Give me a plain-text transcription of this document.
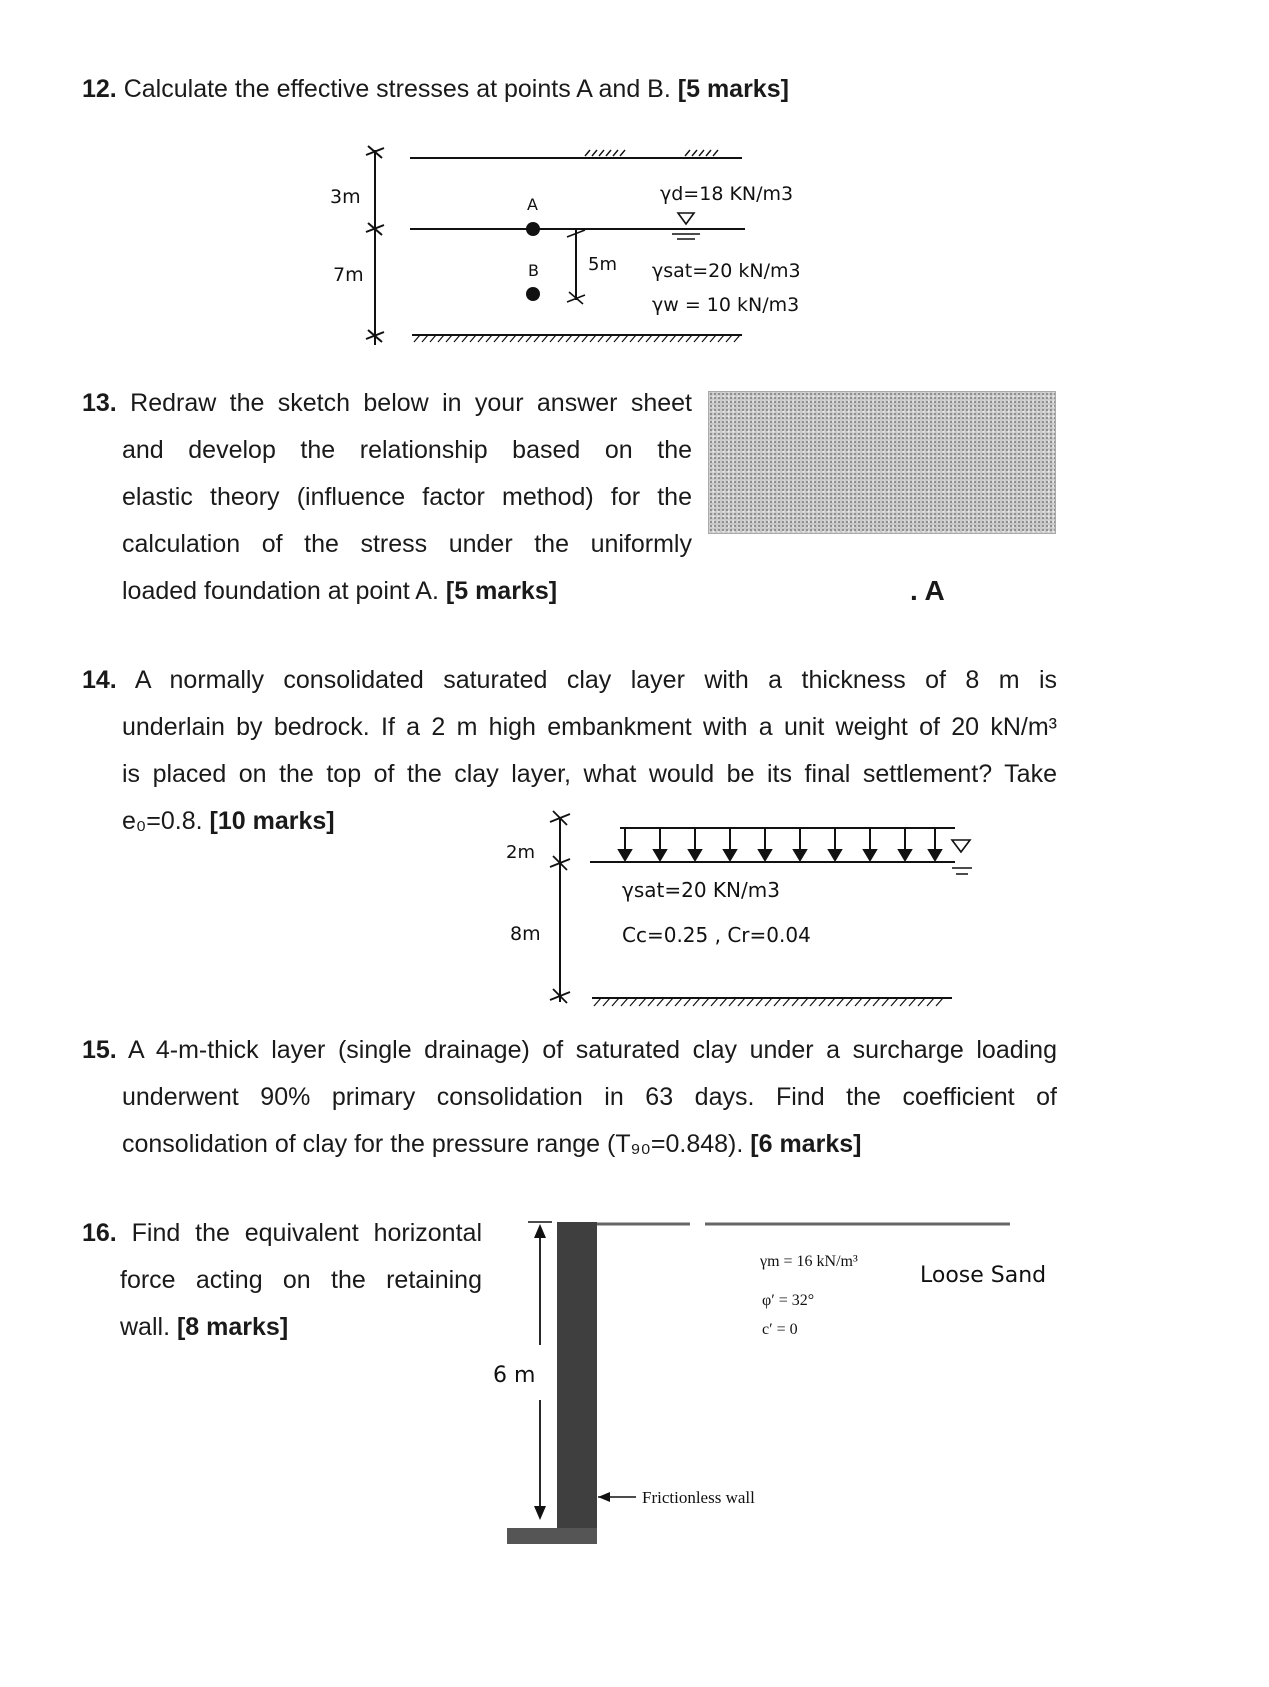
12. Calculate the effective stresses at points A and B. [5 marks]
3m
7m
A
B	5m
γd=18 KN/m3
γsat=20 kN/m3
γw = 10 kN/m3
13. Redraw the sketch below in your answer sheet
and develop the relationship based on the
elastic theory (influence factor method) for the
calculation of the stress under the uniformly
loaded foundation at point A. [5 marks]	. A
14. A normally consolidated saturated clay layer with a thickness of 8 m is
underlain by bedrock. If a 2 m high embankment with a unit weight of 20 kN/m³
is placed on the top of the clay layer, what would be its final settlement? Take
e₀=0.8. [10 marks]
2m
8m
γsat=20 KN/m3
Cc=0.25 , Cr=0.04
15. A 4-m-thick layer (single drainage) of saturated clay under a surcharge loading
underwent 90% primary consolidation in 63 days. Find the coefficient of
consolidation of clay for the pressure range (T₉₀=0.848). [6 marks]
16. Find the equivalent horizontal
force acting on the retaining
wall. [8 marks]
6 m
γm = 16 kN/m³
φ′ = 32°
c′ = 0
Loose Sand
Frictionless wall
